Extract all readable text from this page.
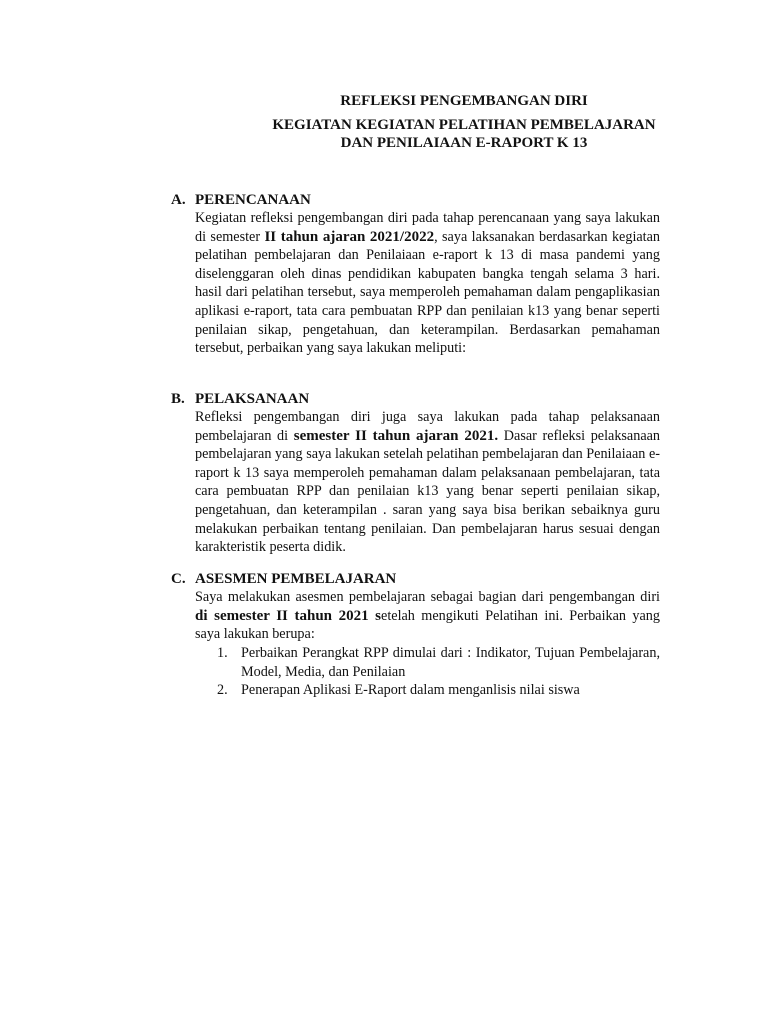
REFLEKSI PENGEMBANGAN DIRI
KEGIATAN KEGIATAN PELATIHAN PEMBELAJARAN
DAN PENILAIAAN E-RAPORT K 13
A. PERENCANAAN
Kegiatan refleksi pengembangan diri pada tahap perencanaan yang saya lakukan di semester II tahun ajaran 2021/2022, saya laksanakan berdasarkan kegiatan pelatihan pembelajaran dan Penilaiaan e-raport k 13 di masa pandemi yang diselenggaran oleh dinas pendidikan kabupaten bangka tengah selama 3 hari. hasil dari pelatihan tersebut, saya memperoleh pemahaman dalam pengaplikasian aplikasi e-raport, tata cara pembuatan RPP dan penilaian k13 yang benar seperti penilaian sikap, pengetahuan, dan keterampilan. Berdasarkan pemahaman tersebut, perbaikan yang saya lakukan meliputi:
B. PELAKSANAAN
Refleksi pengembangan diri juga saya lakukan pada tahap pelaksanaan pembelajaran di semester II tahun ajaran 2021. Dasar refleksi pelaksanaan pembelajaran yang saya lakukan setelah pelatihan pembelajaran dan Penilaiaan e-raport k 13 saya memperoleh pemahaman dalam pelaksanaan pembelajaran, tata cara pembuatan RPP dan penilaian k13 yang benar seperti penilaian sikap, pengetahuan, dan keterampilan . saran yang saya bisa berikan sebaiknya guru melakukan perbaikan tentang penilaian. Dan pembelajaran harus sesuai dengan karakteristik peserta didik.
C. ASESMEN PEMBELAJARAN
Saya melakukan asesmen pembelajaran sebagai bagian dari pengembangan diri di semester II tahun 2021 setelah mengikuti Pelatihan ini. Perbaikan yang saya lakukan berupa:
1. Perbaikan Perangkat RPP dimulai dari : Indikator, Tujuan Pembelajaran, Model, Media, dan Penilaian
2. Penerapan Aplikasi E-Raport dalam menganlisis nilai siswa
